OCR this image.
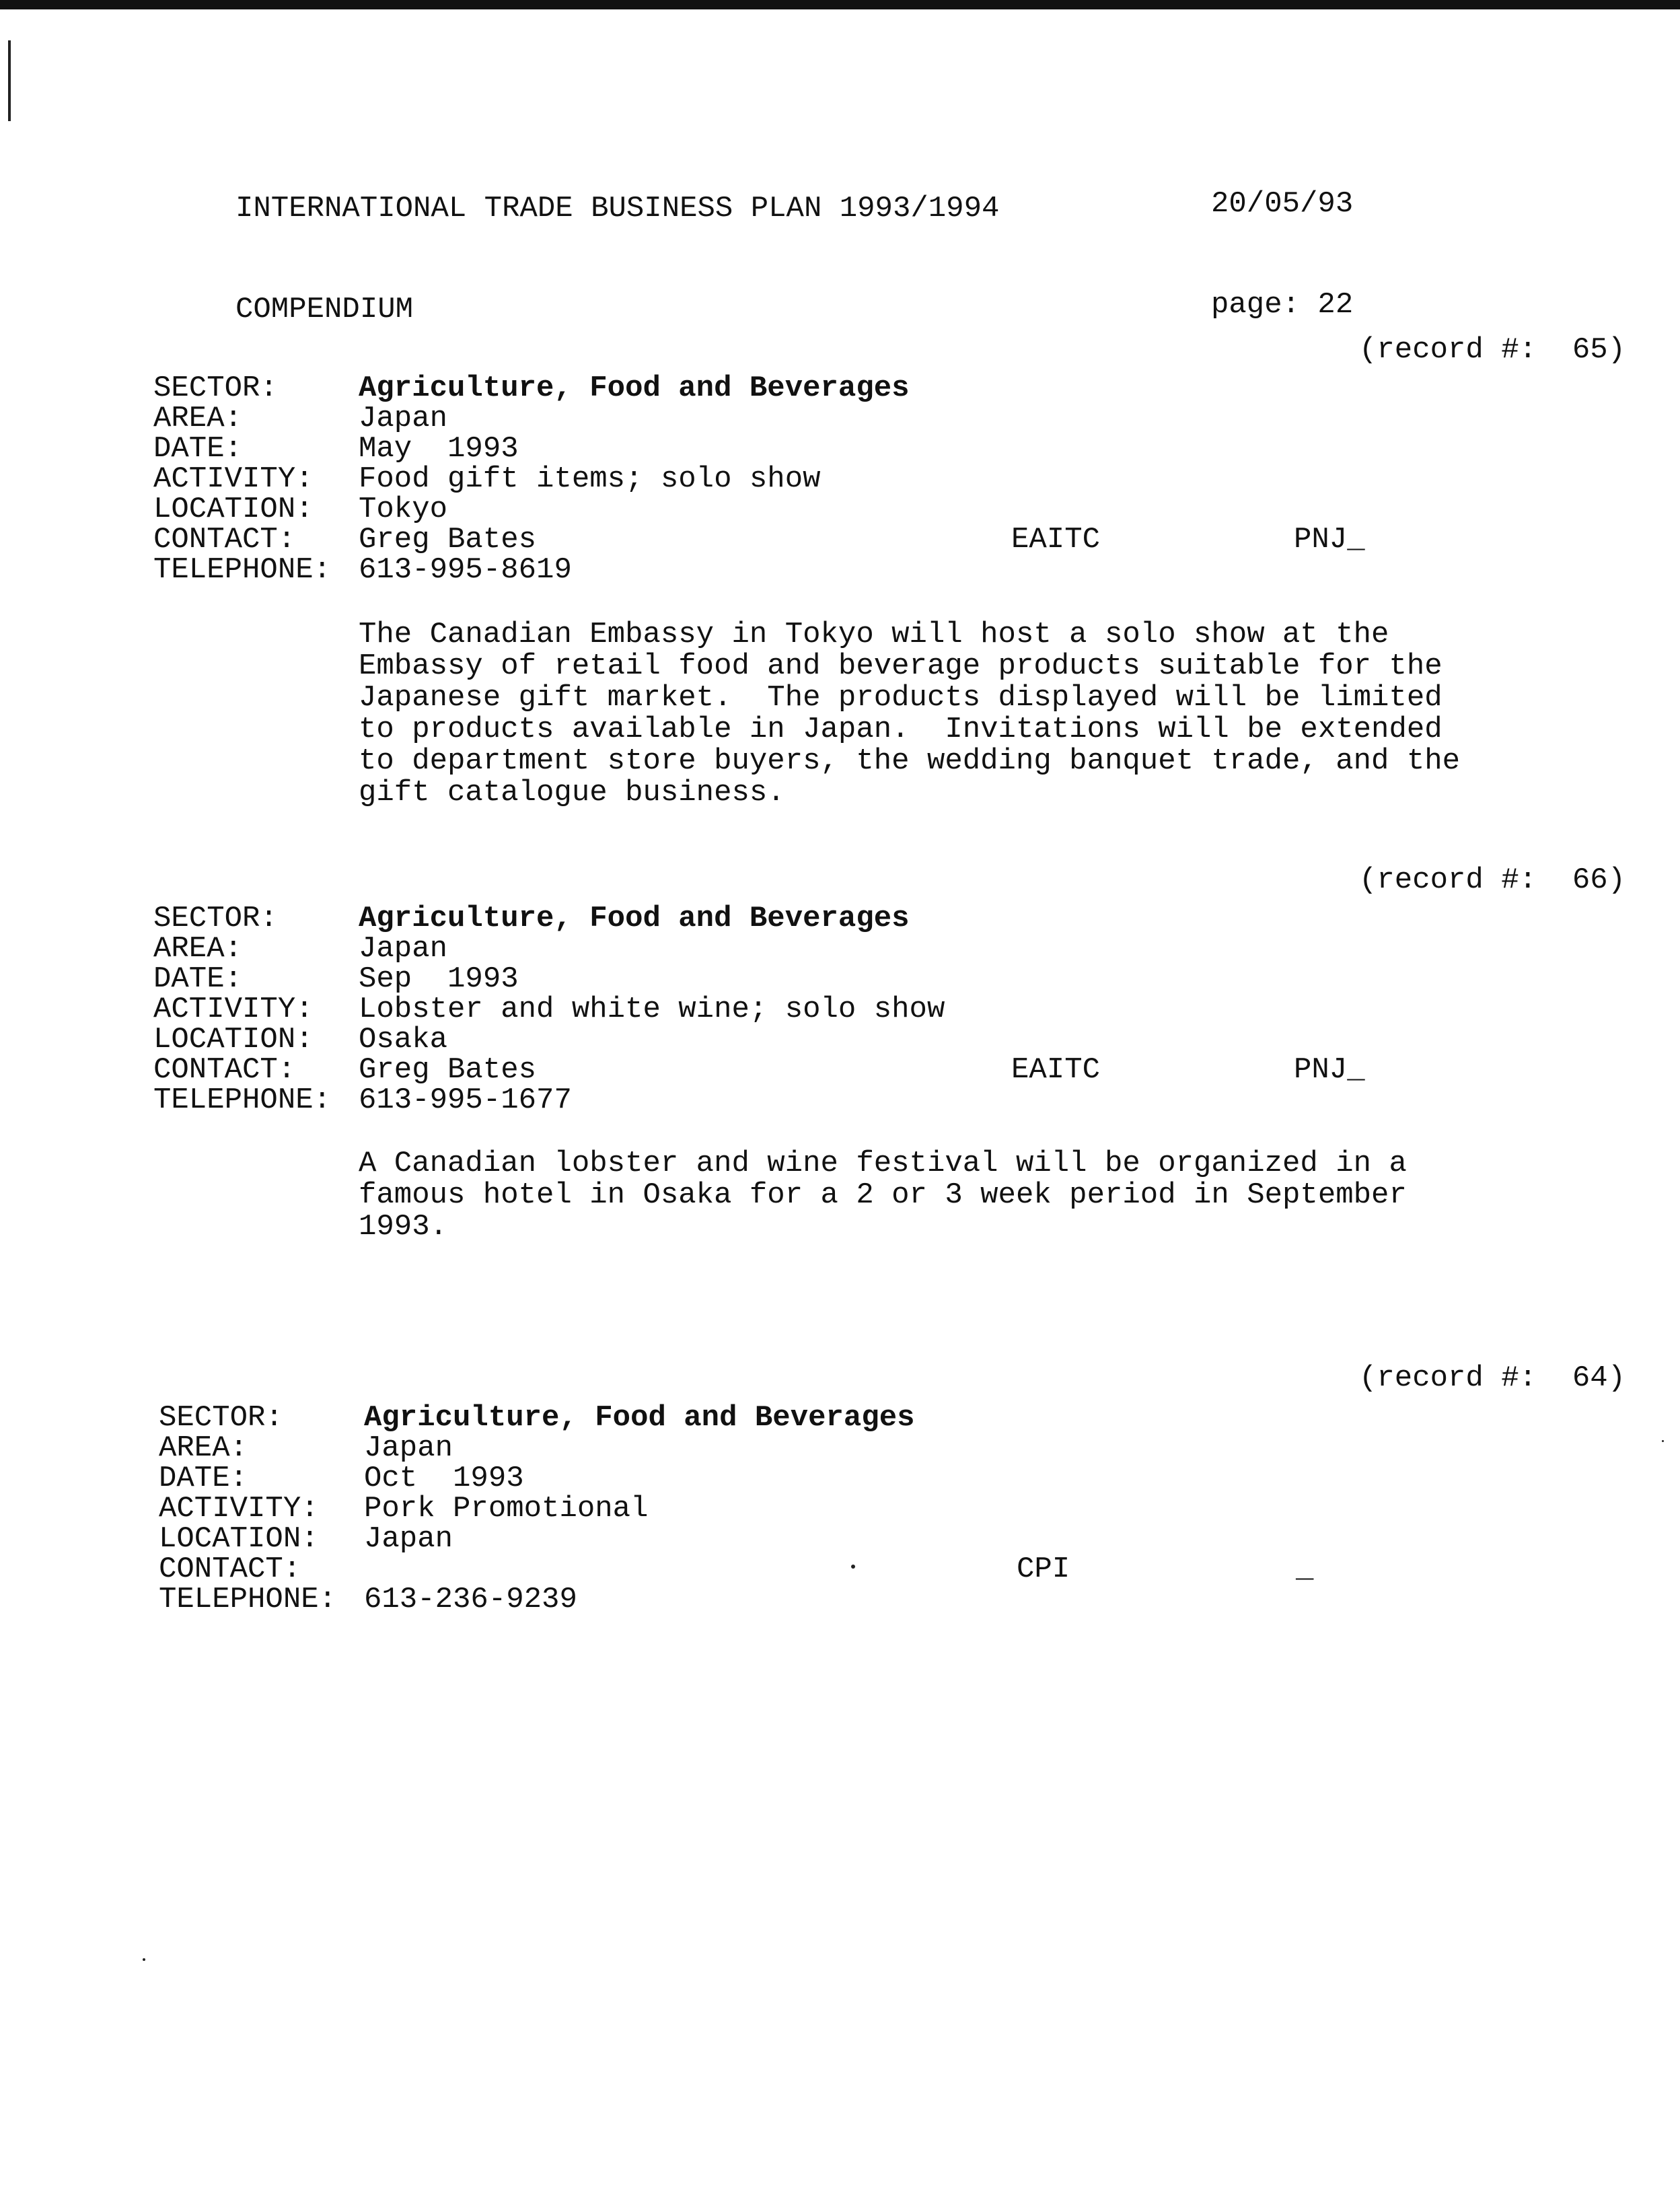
INTERNATIONAL TRADE BUSINESS PLAN 1993/1994

COMPENDIUM

20/05/93

page: 22

(record #:  65)

SECTOR:

	Agriculture, Food and Beverages

AREA:

	Japan

DATE:

	May  1993

ACTIVITY:

Food gift items; solo show

LOCATION:

Tokyo

CONTACT:

Greg Bates

	EAITC

	PNJ_

TELEPHONE:

613-995-8619

The Canadian Embassy in Tokyo will host a solo show at the
Embassy of retail food and beverage products suitable for the
Japanese gift market.  The products displayed will be limited
to products available in Japan.  Invitations will be extended
to department store buyers, the wedding banquet trade, and the
gift catalogue business.
(record #:  66)

SECTOR:

	Agriculture, Food and Beverages

AREA:

	Japan

DATE:

	Sep  1993

ACTIVITY:

Lobster and white wine; solo show

LOCATION:

Osaka

CONTACT:

Greg Bates

	EAITC

	PNJ_

TELEPHONE:

613-995-1677

A Canadian lobster and wine festival will be organized in a
famous hotel in Osaka for a 2 or 3 week period in September
1993.
(record #:  64)

SECTOR:

	Agriculture, Food and Beverages

AREA:

	Japan

DATE:

	Oct  1993

ACTIVITY:

Pork Promotional

LOCATION:

Japan

CONTACT:

	CPI

	_

TELEPHONE:

613-236-9239
